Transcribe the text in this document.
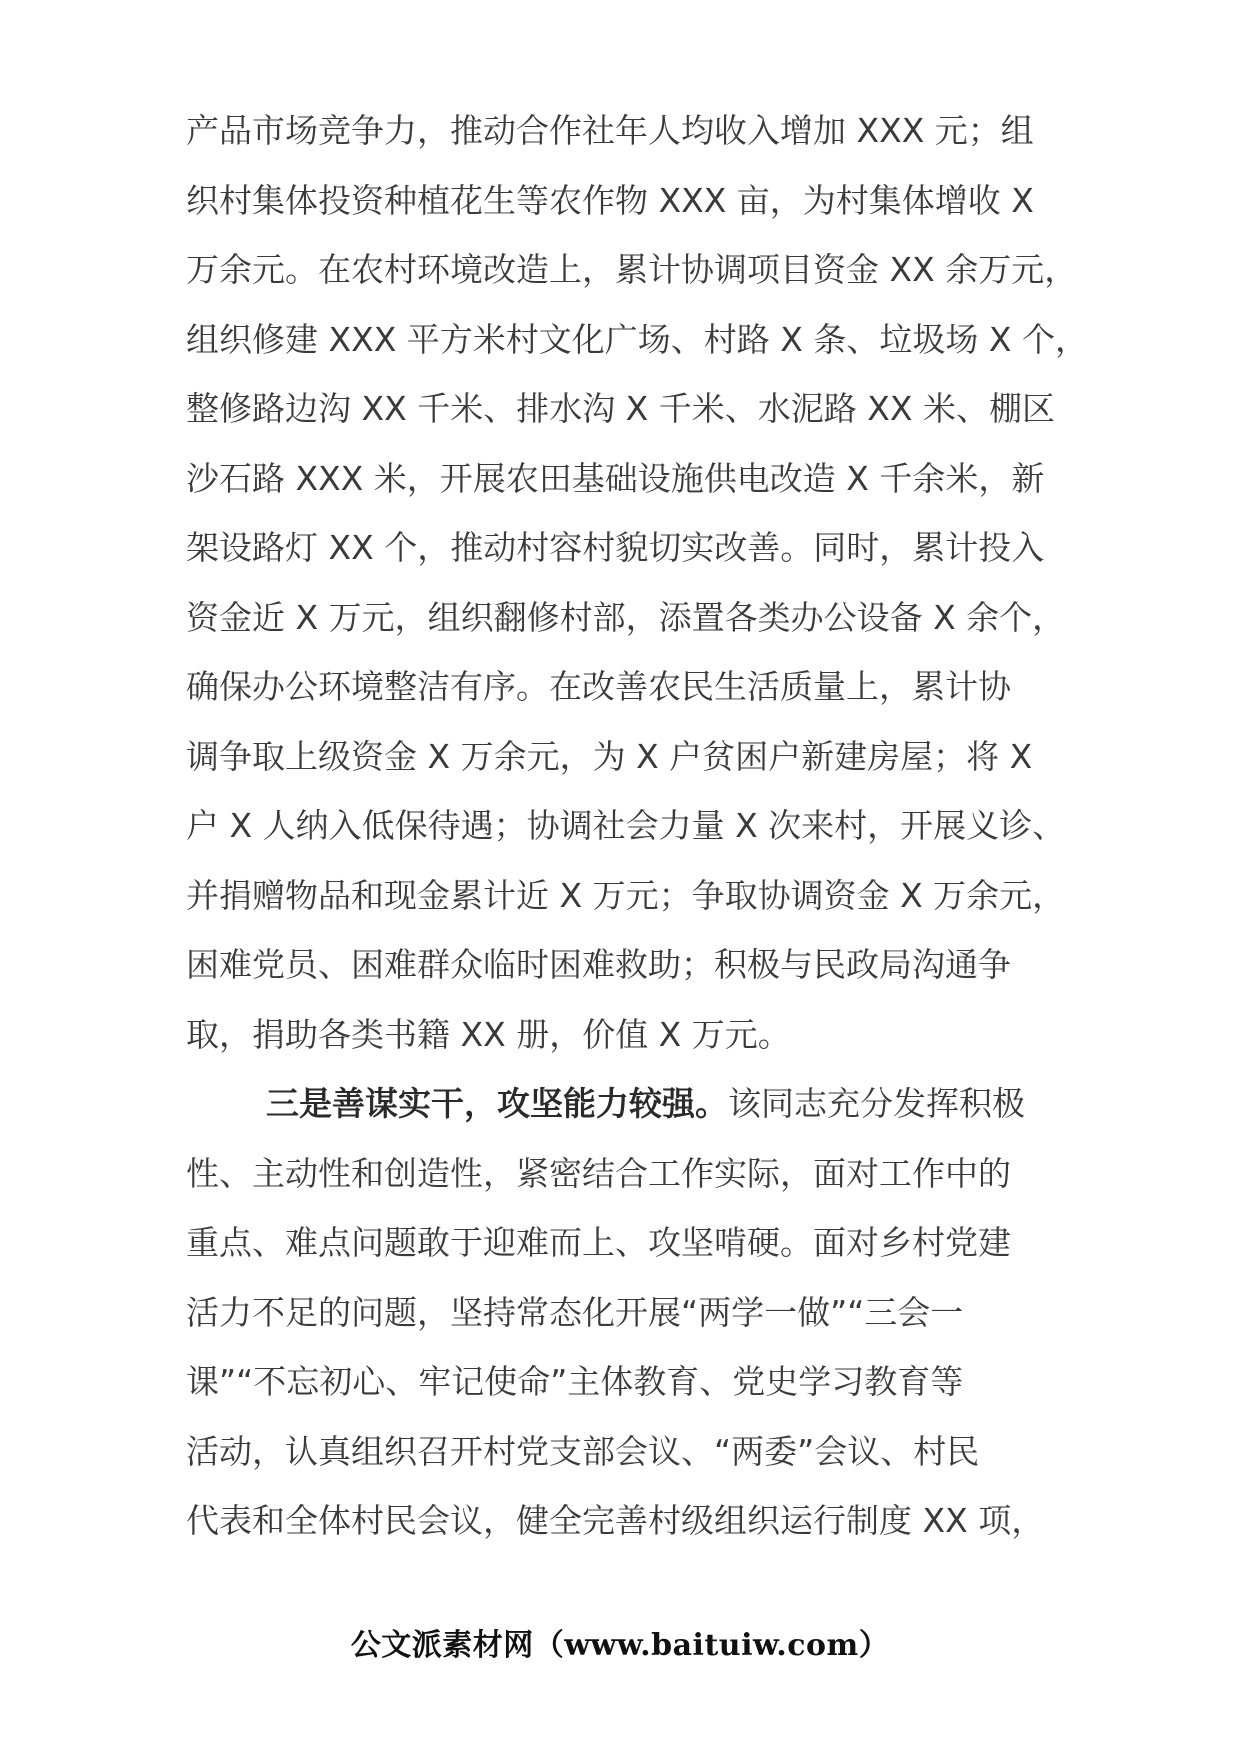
产品市场竞争力，推动合作社年人均收入增加 XXX 元；组
织村集体投资种植花生等农作物 XXX 亩，为村集体增收 X
万余元。在农村环境改造上，累计协调项目资金 XX 余万元，
组织修建 XXX 平方米村文化广场、村路 X 条、垃圾场 X 个，
整修路边沟 XX 千米、排水沟 X 千米、水泥路 XX 米、棚区
沙石路 XXX 米，开展农田基础设施供电改造 X 千余米，新
架设路灯 XX 个，推动村容村貌切实改善。同时，累计投入
资金近 X 万元，组织翻修村部，添置各类办公设备 X 余个，
确保办公环境整洁有序。在改善农民生活质量上，累计协
调争取上级资金 X 万余元，为 X 户贫困户新建房屋；将 X
户 X 人纳入低保待遇；协调社会力量 X 次来村，开展义诊、
并捐赠物品和现金累计近 X 万元；争取协调资金 X 万余元，
困难党员、困难群众临时困难救助；积极与民政局沟通争
取，捐助各类书籍 XX 册，价值 X 万元。
三是善谋实干，攻坚能力较强。该同志充分发挥积极
性、主动性和创造性，紧密结合工作实际，面对工作中的
重点、难点问题敢于迎难而上、攻坚啃硬。面对乡村党建
活力不足的问题，坚持常态化开展“两学一做”“三会一
课”“不忘初心、牢记使命”主体教育、党史学习教育等
活动，认真组织召开村党支部会议、“两委”会议、村民
代表和全体村民会议，健全完善村级组织运行制度 XX 项，
公文派素材网（www.baituiw.com）
